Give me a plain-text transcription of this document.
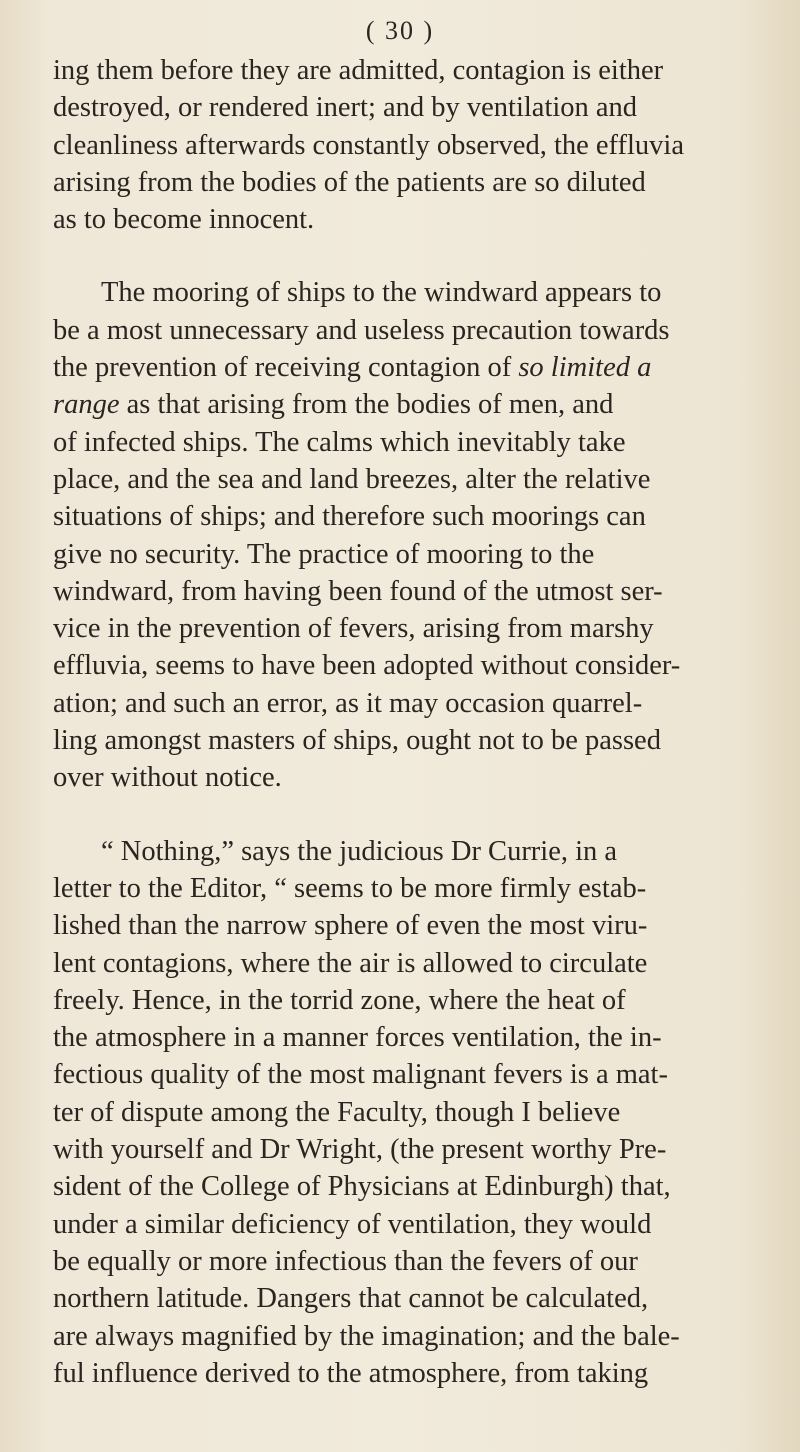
( 30 )
ing them before they are admitted, contagion is either
destroyed, or rendered inert; and by ventilation and
cleanliness afterwards constantly observed, the effluvia
arising from the bodies of the patients are so diluted
as to become innocent.
The mooring of ships to the windward appears to
be a most unnecessary and useless precaution towards
the prevention of receiving contagion of so limited a
range as that arising from the bodies of men, and
of infected ships. The calms which inevitably take
place, and the sea and land breezes, alter the relative
situations of ships; and therefore such moorings can
give no security. The practice of mooring to the
windward, from having been found of the utmost ser-
vice in the prevention of fevers, arising from marshy
effluvia, seems to have been adopted without consider-
ation; and such an error, as it may occasion quarrel-
ling amongst masters of ships, ought not to be passed
over without notice.
“ Nothing,” says the judicious Dr Currie, in a
letter to the Editor, “ seems to be more firmly estab-
lished than the narrow sphere of even the most viru-
lent contagions, where the air is allowed to circulate
freely. Hence, in the torrid zone, where the heat of
the atmosphere in a manner forces ventilation, the in-
fectious quality of the most malignant fevers is a mat-
ter of dispute among the Faculty, though I believe
with yourself and Dr Wright, (the present worthy Pre-
sident of the College of Physicians at Edinburgh) that,
under a similar deficiency of ventilation, they would
be equally or more infectious than the fevers of our
northern latitude. Dangers that cannot be calculated,
are always magnified by the imagination; and the bale-
ful influence derived to the atmosphere, from taking
